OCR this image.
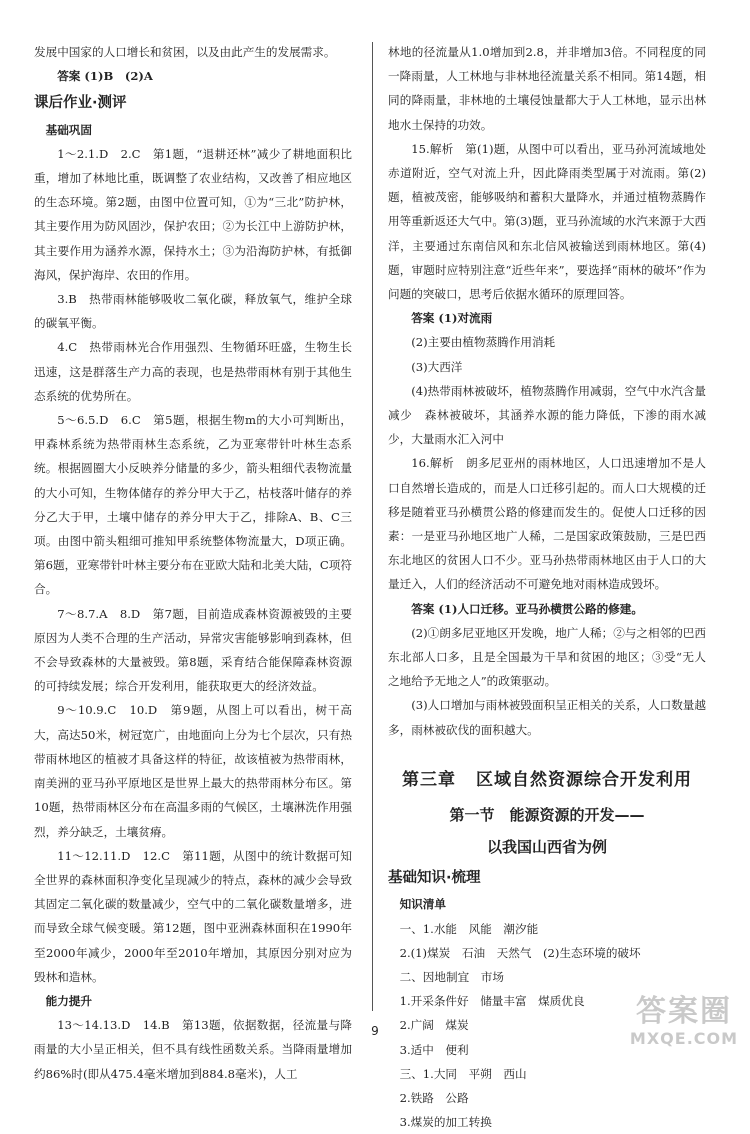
发展中国家的人口增长和贫困，以及由此产生的发展需求。

答案 (1)B　(2)A

课后作业·测评

基础巩固

1～2.1.D　2.C　第1题，“退耕还林”减少了耕地面积比重，增加了林地比重，既调整了农业结构，又改善了相应地区的生态环境。第2题，由图中位置可知，①为“三北”防护林，其主要作用为防风固沙，保护农田；②为长江中上游防护林，其主要作用为涵养水源，保持水土；③为沿海防护林，有抵御海风，保护海岸、农田的作用。

3.B　热带雨林能够吸收二氧化碳，释放氧气，维护全球的碳氧平衡。

4.C　热带雨林光合作用强烈、生物循环旺盛，生物生长迅速，这是群落生产力高的表现，也是热带雨林有别于其他生态系统的优势所在。

5～6.5.D　6.C　第5题，根据生物m的大小可判断出，甲森林系统为热带雨林生态系统，乙为亚寒带针叶林生态系统。根据圆圈大小反映养分储量的多少，箭头粗细代表物流量的大小可知，生物体储存的养分甲大于乙，枯枝落叶储存的养分乙大于甲，土壤中储存的养分甲大于乙，排除A、B、C三项。由图中箭头粗细可推知甲系统整体物流量大，D项正确。第6题，亚寒带针叶林主要分布在亚欧大陆和北美大陆，C项符合。

7～8.7.A　8.D　第7题，目前造成森林资源被毁的主要原因为人类不合理的生产活动，异常灾害能够影响到森林，但不会导致森林的大量被毁。第8题，采育结合能保障森林资源的可持续发展；综合开发利用，能获取更大的经济效益。

9～10.9.C　10.D　第9题，从图上可以看出，树干高大，高达50米，树冠宽广，由地面向上分为七个层次，只有热带雨林地区的植被才具备这样的特征，故该植被为热带雨林，南美洲的亚马孙平原地区是世界上最大的热带雨林分布区。第10题，热带雨林区分布在高温多雨的气候区，土壤淋洗作用强烈，养分缺乏，土壤贫瘠。

11～12.11.D　12.C　第11题，从图中的统计数据可知全世界的森林面积净变化呈现减少的特点，森林的减少会导致其固定二氧化碳的数量减少，空气中的二氧化碳数量增多，进而导致全球气候变暖。第12题，图中亚洲森林面积在1990年至2000年减少，2000年至2010年增加，其原因分别对应为毁林和造林。

能力提升

13～14.13.D　14.B　第13题，依据数据，径流量与降雨量的大小呈正相关，但不具有线性函数关系。当降雨量增加约86%时(即从475.4毫米增加到884.8毫米)，人工

林地的径流量从1.0增加到2.8，并非增加3倍。不同程度的同一降雨量，人工林地与非林地径流量关系不相同。第14题，相同的降雨量，非林地的土壤侵蚀量都大于人工林地，显示出林地水土保持的功效。

15.解析　第(1)题，从图中可以看出，亚马孙河流域地处赤道附近，空气对流上升，因此降雨类型属于对流雨。第(2)题，植被茂密，能够吸纳和蓄积大量降水，并通过植物蒸腾作用等重新返还大气中。第(3)题，亚马孙流域的水汽来源于大西洋，主要通过东南信风和东北信风被输送到雨林地区。第(4)题，审题时应特别注意“近些年来”，要选择“雨林的破坏”作为问题的突破口，思考后依据水循环的原理回答。

答案 (1)对流雨

(2)主要由植物蒸腾作用消耗

(3)大西洋

(4)热带雨林被破坏，植物蒸腾作用减弱，空气中水汽含量减少　森林被破坏，其涵养水源的能力降低，下渗的雨水减少，大量雨水汇入河中

16.解析　朗多尼亚州的雨林地区，人口迅速增加不是人口自然增长造成的，而是人口迁移引起的。而人口大规模的迁移是随着亚马孙横贯公路的修建而发生的。促使人口迁移的因素：一是亚马孙地区地广人稀，二是国家政策鼓励，三是巴西东北地区的贫困人口不少。亚马孙热带雨林地区由于人口的大量迁入，人们的经济活动不可避免地对雨林造成毁坏。

答案 (1)人口迁移。亚马孙横贯公路的修建。

(2)①朗多尼亚地区开发晚，地广人稀；②与之相邻的巴西东北部人口多，且是全国最为干旱和贫困的地区；③受“无人之地给予无地之人”的政策驱动。

(3)人口增加与雨林被毁面积呈正相关的关系，人口数量越多，雨林被砍伐的面积越大。

第三章 区域自然资源综合开发利用

第一节　能源资源的开发——

以我国山西省为例

基础知识·梳理

知识清单

一、1.水能　风能　潮汐能

2.(1)煤炭　石油　天然气　(2)生态环境的破坏

二、因地制宜　市场

1.开采条件好　储量丰富　煤质优良

2.广阔　煤炭

3.适中　便利

三、1.大同　平朔　西山

2.铁路　公路

3.煤炭的加工转换

9
答案圈
MXQE.COM
